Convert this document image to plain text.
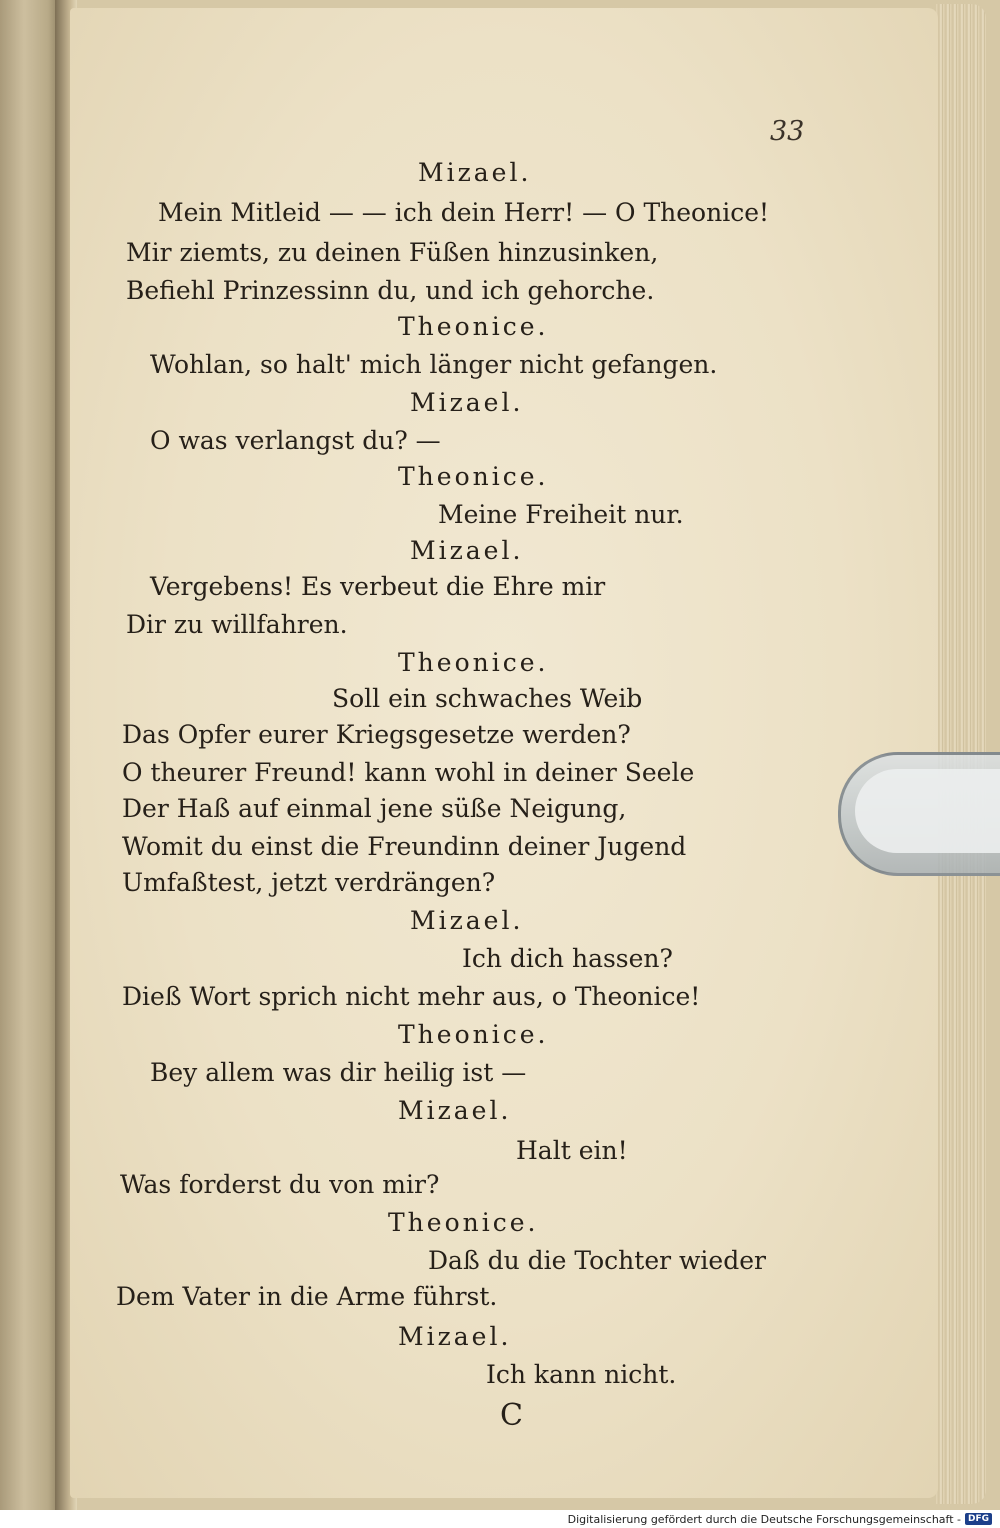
33
Mizael.
Mein Mitleid — — ich dein Herr! — O Theonice!
Mir ziemts, zu deinen Füßen hinzusinken,
Befiehl Prinzessinn du, und ich gehorche.
Theonice.
Wohlan, so halt' mich länger nicht gefangen.
Mizael.
O was verlangst du? —
Theonice.
Meine Freiheit nur.
Mizael.
Vergebens! Es verbeut die Ehre mir
Dir zu willfahren.
Theonice.
Soll ein schwaches Weib
Das Opfer eurer Kriegsgesetze werden?
O theurer Freund! kann wohl in deiner Seele
Der Haß auf einmal jene süße Neigung,
Womit du einst die Freundinn deiner Jugend
Umfaßtest, jetzt verdrängen?
Mizael.
Ich dich hassen?
Dieß Wort sprich nicht mehr aus, o Theonice!
Theonice.
Bey allem was dir heilig ist —
Mizael.
Halt ein!
Was forderst du von mir?
Theonice.
Daß du die Tochter wieder
Dem Vater in die Arme führst.
Mizael.
Ich kann nicht.
C
Digitalisierung gefördert durch die Deutsche Forschungsgemeinschaft - DFG
